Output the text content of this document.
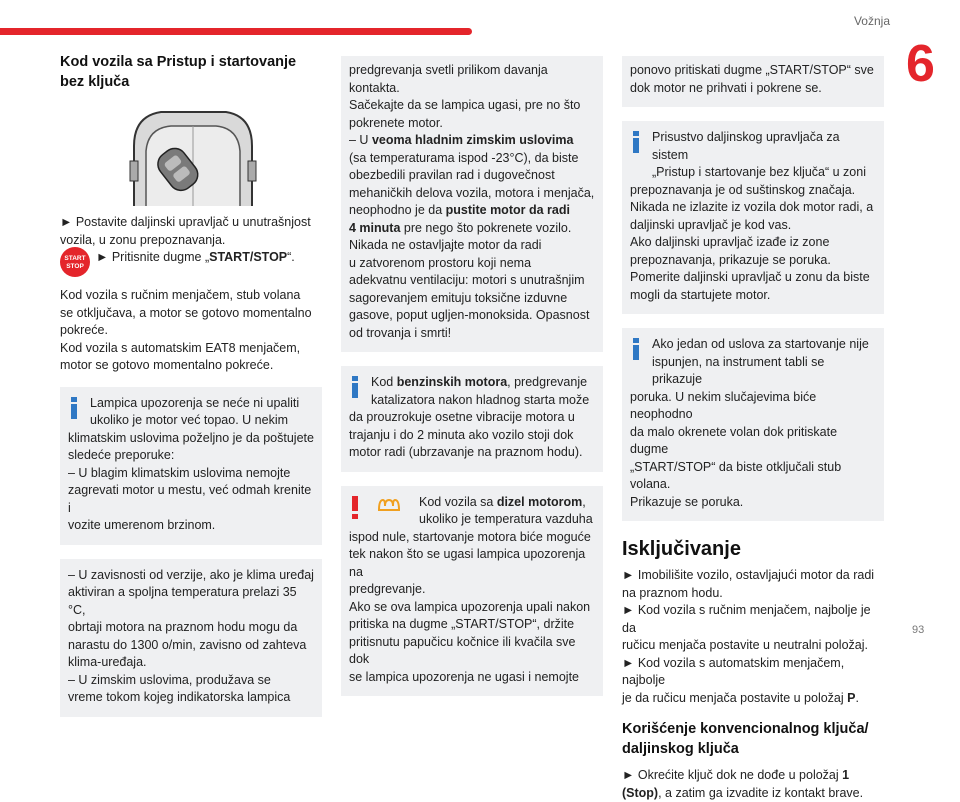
Vožnja
6
93
Kod vozila sa Pristup i startovanje bez ključa
► Postavite daljinski upravljač u unutrašnjost vozila, u zonu prepoznavanja.
START
STOP
► Pritisnite dugme „START/STOP“.
Kod vozila s ručnim menjačem, stub volana
se otključava, a motor se gotovo momentalno
pokreće.
Kod vozila s automatskim EAT8 menjačem,
motor se gotovo momentalno pokreće.
Lampica upozorenja se neće ni upaliti
ukoliko je motor već topao. U nekim
klimatskim uslovima poželjno je da poštujete
sledeće preporuke:
– U blagim klimatskim uslovima nemojte
zagrevati motor u mestu, već odmah krenite i
vozite umerenom brzinom.
– U zavisnosti od verzije, ako je klima uređaj
aktiviran a spoljna temperatura prelazi 35 °C,
obrtaji motora na praznom hodu mogu da
narastu do 1300 o/min, zavisno od zahteva
klima-uređaja.
– U zimskim uslovima, produžava se
vreme tokom kojeg indikatorska lampica
predgrevanja svetli prilikom davanja kontakta.
Sačekajte da se lampica ugasi, pre no što
pokrenete motor.
– U veoma hladnim zimskim uslovima
(sa temperaturama ispod -23°C), da biste
obezbedili pravilan rad i dugovečnost
mehaničkih delova vozila, motora i menjača,
neophodno je da pustite motor da radi
4 minuta pre nego što pokrenete vozilo.
Nikada ne ostavljajte motor da radi
u zatvorenom prostoru koji nema
adekvatnu ventilaciju: motori s unutrašnjim
sagorevanjem emituju toksične izduvne
gasove, poput ugljen-monoksida. Opasnost
od trovanja i smrti!
Kod benzinskih motora, predgrevanje
katalizatora nakon hladnog starta može
da prouzrokuje osetne vibracije motora u
trajanju i do 2 minuta ako vozilo stoji dok
motor radi (ubrzavanje na praznom hodu).
Kod vozila sa dizel motorom,
ukoliko je temperatura vazduha
ispod nule, startovanje motora biće moguće
tek nakon što se ugasi lampica upozorenja na
predgrevanje.
Ako se ova lampica upozorenja upali nakon
pritiska na dugme „START/STOP“, držite
pritisnutu papučicu kočnice ili kvačila sve dok
se lampica upozorenja ne ugasi i nemojte
ponovo pritiskati dugme „START/STOP“ sve
dok motor ne prihvati i pokrene se.
Prisustvo daljinskog upravljača za sistem
„Pristup i startovanje bez ključa“ u zoni
prepoznavanja je od suštinskog značaja.
Nikada ne izlazite iz vozila dok motor radi, a
daljinski upravljač je kod vas.
Ako daljinski upravljač izađe iz zone
prepoznavanja, prikazuje se poruka.
Pomerite daljinski upravljač u zonu da biste
mogli da startujete motor.
Ako jedan od uslova za startovanje nije
ispunjen, na instrument tabli se prikazuje
poruka. U nekim slučajevima biće neophodno
da malo okrenete volan dok pritiskate dugme
„START/STOP“ da biste otključali stub volana.
Prikazuje se poruka.
Isključivanje
► Imobilišite vozilo, ostavljajući motor da radi
na praznom hodu.
► Kod vozila s ručnim menjačem, najbolje je da
ručicu menjača postavite u neutralni položaj.
► Kod vozila s automatskim menjačem, najbolje
je da ručicu menjača postavite u položaj P.
Korišćenje konvencionalnog ključa/ daljinskog ključa
► Okrećite ključ dok ne dođe u položaj 1
(Stop), a zatim ga izvadite iz kontakt brave.
